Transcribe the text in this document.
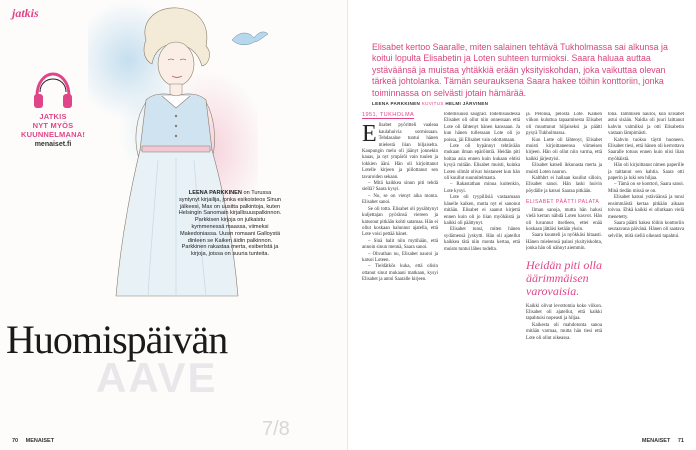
jatkis
JATKIS
NYT MYÖS
KUUNNELMANA!
menaiset.fi
LEENA PARKKINEN on Turussa syntynyt kirjailija, jonka esikoisteos Sinun jälkeesi, Max on uusitta palkintoja, kuten Helsingin Sanomain kirjallisuuspalkinnon. Parkkisen kirjoja on julkaistu kymmenessä maassa, viimeksi Makedoniassa. Uusin romaani Galloystä dinleen se Kaiken äidin palkinnon. Parkkinen rakastaa merta, esiberlstä ja kirjoja, joissa on suuria tunteita.
Huomispäivän
AAVE
7/8
70 MENAISET
Elisabet kertoo Saaralle, miten salainen tehtävä Tukholmassa sai alkunsa ja koitui lopulta Elisabetin ja Loten suhteen turmioksi. Saara haluaa auttaa ystäväänsä ja muistaa yhtäkkiä erään yksityiskohdan, joka vaikuttaa olevan tärkeä johtolanka. Tämän seurauksena Saara hakee töihin konttoriin, jonka toiminnassa on selvästi jotain hämärää.
LEENA PARKKINEN KUVITUS HELMI JÄRVINEN
1951, TUKHOLMA

Elisabet pyöritteli vaaleaa kaulahuivia sormissaan. Tehdasalue tuntui hänen mielestä liian hiljaiselta. Kaupungin melu oli jäänyt jonnekin kauas, ja nyt ympäröi vain tuulen ja lokkien ääni. Hän oli kirjoittanut Lotelle kirjeen ja piilottanut sen tavaroiden sekaan.

– Mitä kaikkea sinun piti tehdä siellä? Saara kysyi.

– No, se on vienyt aika monta. Elisabet sanoi.

Se oli totta. Elisabet oli pysähtynyt kuljettajan pyöränsä viereen ja katsonut pitkään kohti satamaa. Hän ei ollut koskaan halunnut ajatella, että Lote voisi pettää hänet.

– Sinä halit niin mytihään, että annoin sinun mennä, Saara sanoi.

– Ohvathan nu, Elisabet nauroi ja katsoi Loteen.

– Tieldätkös kuka, että olisin ottanut sinut mukaani matkaan, kysyi Elisabet ja antoi Saaralle kirjeen.

todellisuussi säugrad. Todellisuudessa Elisabet oli ollut niin onnessaan että Lote oli lähtenyt hänen kanssaan. Ja kun hänen tullessaan Lote oli jo poissa, jäi Elisabet vain odottamaan.

Lote oli hypännyt tehtävään mukaan ilman epäröintiä. Heidän piti hoitaa asia ennen kuin kukaan ehtisi kysyä mitään. Elisabet muisti, kuinka Loten silmät olivat loistaneet kun hän oli kuullut suunnitelmasta.

– Rakastathan minua kuitenkin, Lote kysyi.

Lote oli tyypillisiä vastaamaan hänelle kaiken, mutta nyt ei sanonut mitään. Elisabet ei saanut kirjettä ennen kuin oli jo liian myöhäistä ja kaikki oli päättynyt.

Elisabet tunsi, miten hänen sydämensä jyskytti. Hän oli ajatellut kaikkea tätä niin monta kertaa, että muisto tuntui lähes todelta.

ja. Pelonsa, pelosta Lote. Kaiken viikon kuluttua tapaamisesta Elisabet oli muuttunut hiljaiseksi ja päätti pysyä Tukholmassa.

Kun Lotte oli lähtenyt, Elisabet muisti kirjoittaneensa viimeisen kirjeen. Hän oli ollut niin varma, että kaikki järjestyisi.

Elisabet katseli ikkunasta merta ja muisti Loten naurun.

Kalthbrt ei hallaan kuullut silloin, Elisabet sanoi. Hän laski huivin pöydälle ja katsoi Saaraa pitkään.

ELISABET PÄÄTTI PALATA

Ilman sanoja, mutta hän halusi vielä kerran nähdä Loten kasvot. Hän oli luvannut itselleen, ettei enää koskaan jättäisi ketään yksin.

Saara kuunteli ja nyökkäsi hitaasti. Hänen mieleensä palasi yksityiskohta, jonka hän oli nähnyt aiemmin.

Heidän piti olla äärimmäisen varovaisia.

Kaikki olivat levottomia koko viikon. Elisabet oli ajatellut, että kaikki tapahtuisi nopeasti ja hiljaa.

Kaikesta oli mahdotonta sanoa mitään varmaa, mutta hän tiesi että Lote oli ollut oikeassa.

tona. Tammisen nauroi, kun Elisabet astui sisään. Naidia oli juuri laittanut kahvin valmiiksi ja otti Elisabetin vastaan lämpimästi.

Kahvin tuoksu täytti huoneen. Elisabet tiesi, että hänen oli kerrottava Saaralle totuus ennen kuin olisi liian myöhäistä.

Hän oli kirjoittanut nimen paperille ja taittanut sen kahtia. Saara otti paperin ja luki sen hiljaa.

– Tämä on se konttori, Saara sanoi. Minä tiedän missä se on.

Elisabet katsoi ystäväänsä ja tunsi ensimmäistä kertaa pitkään aikaan toivoa. Ehkä kaikki ei ollutkaan vielä menetetty.

Saara päätti hakea töihin konttoriin seuraavana päivänä. Hänen oli saatava selville, mitä siellä oikeasti tapahtui.

MENAISET 71
